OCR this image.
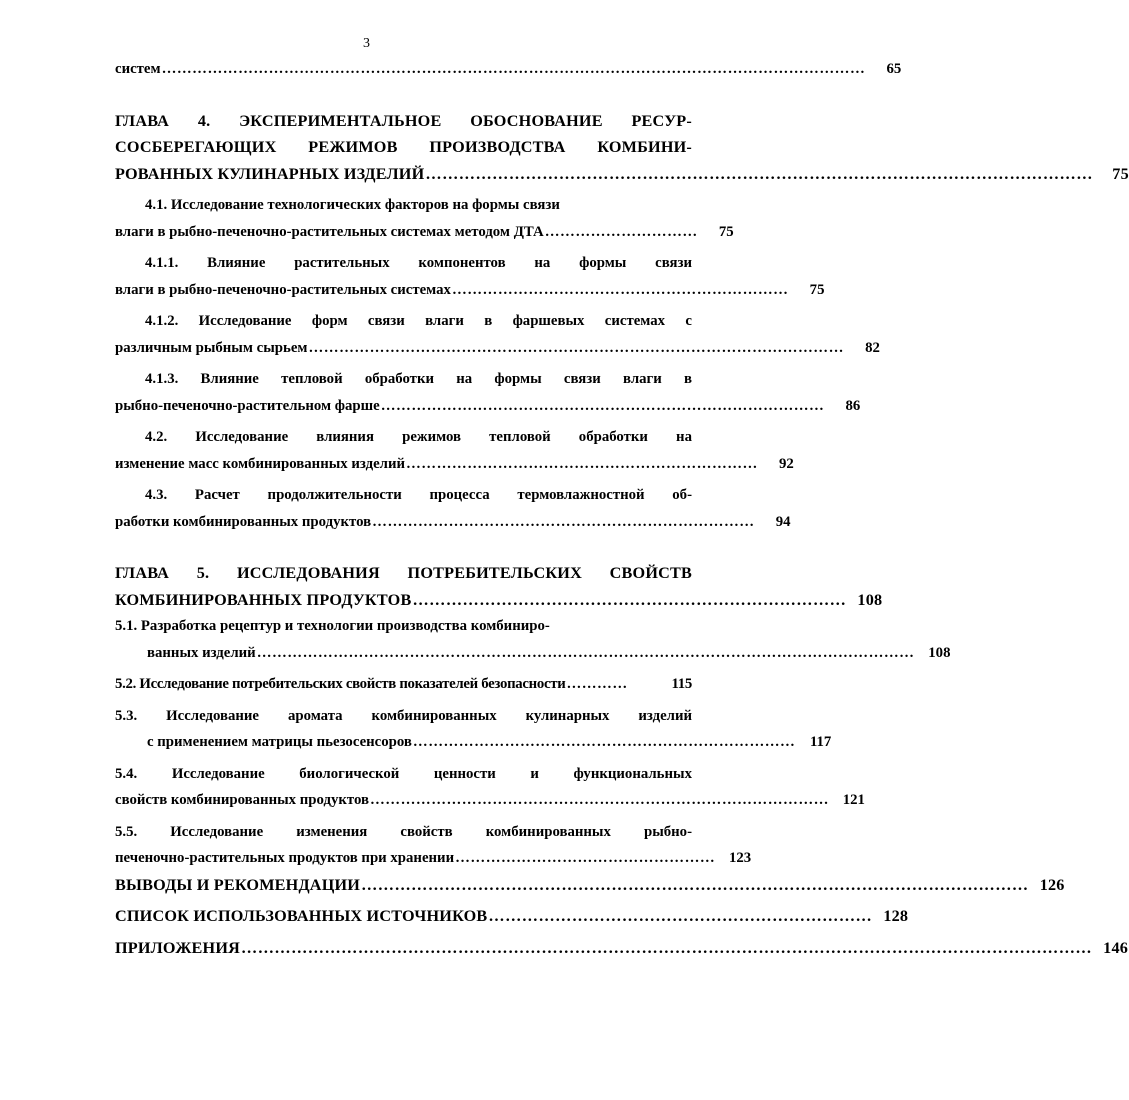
3
систем …………………………………………………………………………………………………………………………	65
ГЛАВА 4. ЭКСПЕРИМЕНТАЛЬНОЕ ОБОСНОВАНИЕ РЕСУР-
СОСБЕРЕГАЮЩИХ РЕЖИМОВ ПРОИЗВОДСТВА КОМБИНИ-
РОВАННЫХ КУЛИНАРНЫХ ИЗДЕЛИЙ …………………………………………………………………………………………………………	75
4.1. Исследование технологических факторов на формы связи
влаги в рыбно-печеночно-растительных системах методом ДТА …………………………	75
4.1.1. Влияние растительных компонентов на формы связи
влаги в рыбно-печеночно-растительных системах …………………………………………………………	75
4.1.2. Исследование форм связи влаги в фаршевых системах с
различным рыбным сырьем ……………………………………………………………………………………………	82
4.1.3. Влияние тепловой обработки на формы связи влаги в
рыбно-печеночно-растительном фарше ……………………………………………………………………………	86
4.2. Исследование влияния режимов тепловой обработки на
изменение масс комбинированных изделий ……………………………………………………………	92
4.3. Расчет продолжительности процесса термовлажностной об-
работки комбинированных продуктов …………………………………………………………………	94
ГЛАВА 5. ИССЛЕДОВАНИЯ ПОТРЕБИТЕЛЬСКИХ СВОЙСТВ
КОМБИНИРОВАННЫХ ПРОДУКТОВ …………………………………………………………………… 108
5.1. Разработка рецептур и технологии производства комбиниро-
ванных изделий ………………………………………………………………………………………………………………… 108
5.2. Исследование потребительских свойств показателей безопасности …………	115
5.3. Исследование аромата комбинированных кулинарных изделий
с применением матрицы пьезосенсоров ………………………………………………………………… 117
5.4. Исследование биологической ценности и функциональных
свойств комбинированных продуктов ……………………………………………………………………………… 121
5.5. Исследование изменения свойств комбинированных рыбно-
печеночно-растительных продуктов при хранении …………………………………………… 123
ВЫВОДЫ И РЕКОМЕНДАЦИИ ………………………………………………………………………………………………………… 126
СПИСОК ИСПОЛЬЗОВАННЫХ ИСТОЧНИКОВ …………………………………………………………… 128
ПРИЛОЖЕНИЯ ……………………………………………………………………………………………………………………………………… 146
